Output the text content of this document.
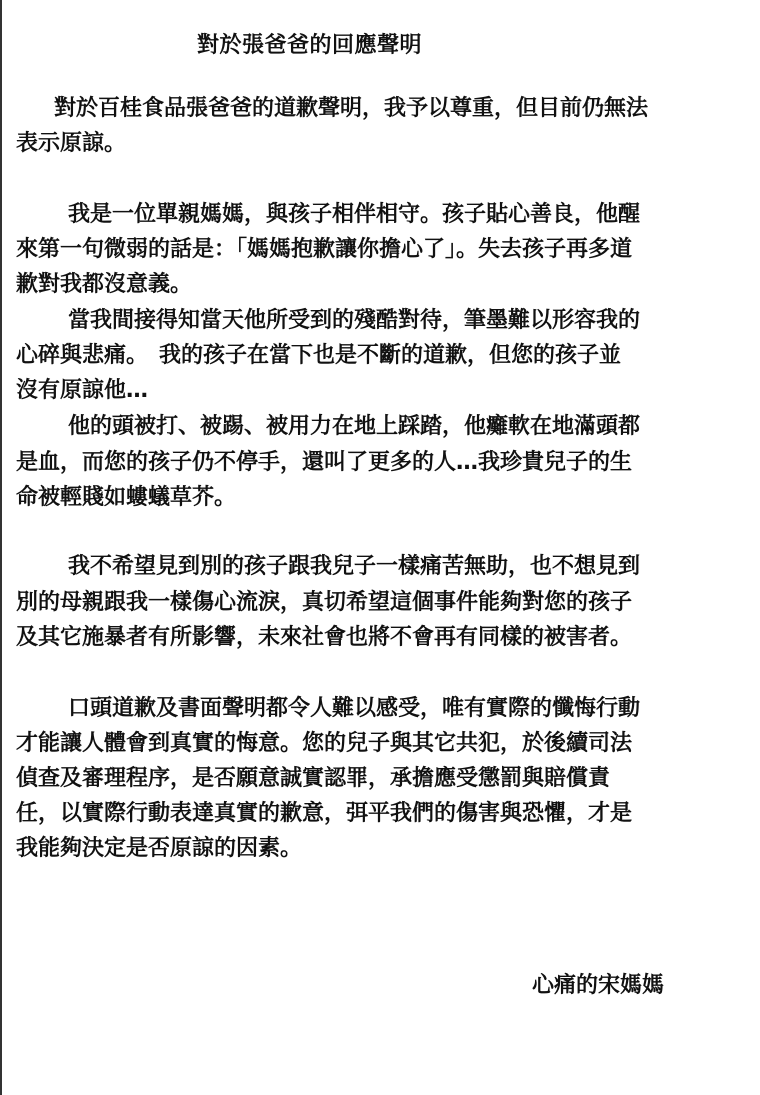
對於張爸爸的回應聲明
對於百桂食品張爸爸的道歉聲明，我予以尊重，但目前仍無法
表示原諒。
我是一位單親媽媽，與孩子相伴相守。孩子貼心善良，他醒
來第一句微弱的話是：「媽媽抱歉讓你擔心了」。失去孩子再多道
歉對我都沒意義。
當我間接得知當天他所受到的殘酷對待，筆墨難以形容我的
心碎與悲痛。　我的孩子在當下也是不斷的道歉，但您的孩子並
沒有原諒他…
他的頭被打、被踢、被用力在地上踩踏，他癱軟在地滿頭都
是血，而您的孩子仍不停手，還叫了更多的人…我珍貴兒子的生
命被輕賤如螻蟻草芥。
我不希望見到別的孩子跟我兒子一樣痛苦無助，也不想見到
別的母親跟我一樣傷心流淚，真切希望這個事件能夠對您的孩子
及其它施暴者有所影響，未來社會也將不會再有同樣的被害者。
口頭道歉及書面聲明都令人難以感受，唯有實際的懺悔行動
才能讓人體會到真實的悔意。您的兒子與其它共犯，於後續司法
偵查及審理程序，是否願意誠實認罪，承擔應受懲罰與賠償責
任，以實際行動表達真實的歉意，弭平我們的傷害與恐懼，才是
我能夠決定是否原諒的因素。
心痛的宋媽媽
